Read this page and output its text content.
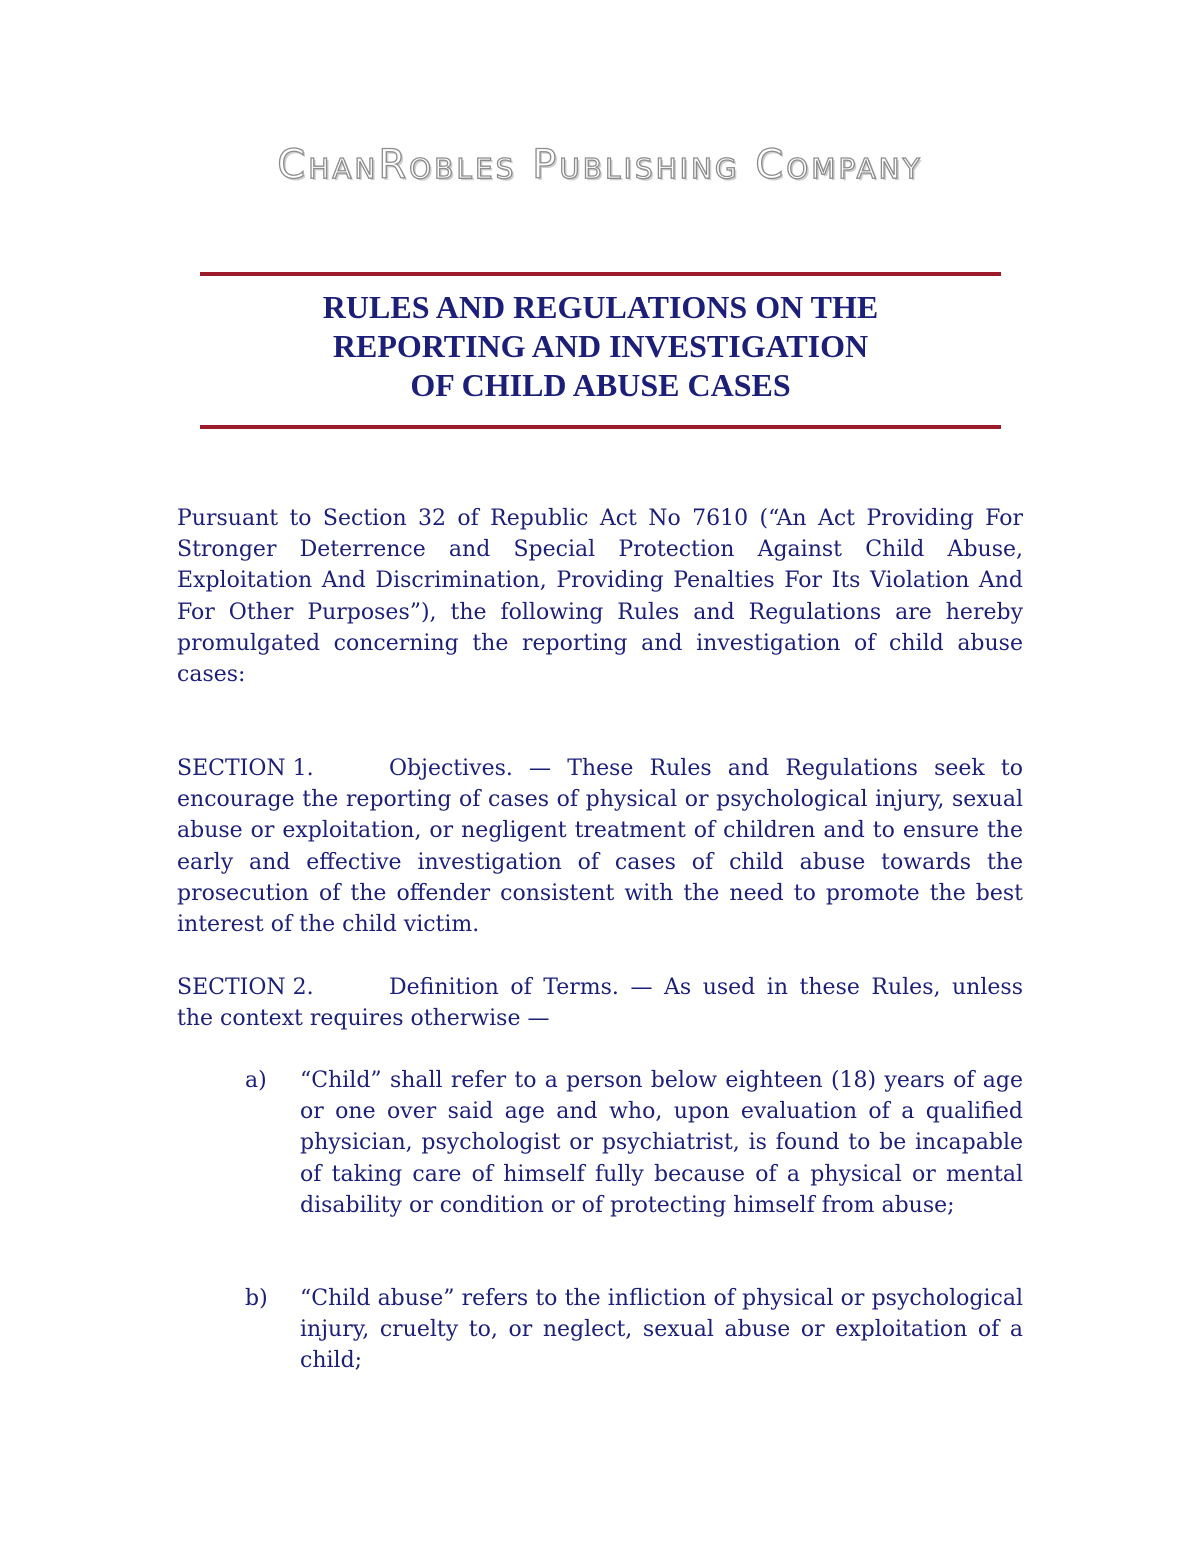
ChanRobles Publishing Company
RULES AND REGULATIONS ON THE
REPORTING AND INVESTIGATION
OF CHILD ABUSE CASES

Pursuant to Section 32 of Republic Act No 7610 (“An Act Providing For Stronger Deterrence and Special Protection Against Child Abuse, Exploitation And Discrimination, Providing Penalties For Its Violation And For Other Purposes”), the following Rules and Regulations are hereby promulgated concerning the reporting and investigation of child abuse cases:

SECTION 1.	Objectives. — These Rules and Regulations seek to encourage the reporting of cases of physical or psychological injury, sexual abuse or exploitation, or negligent treatment of children and to ensure the early and effective investigation of cases of child abuse towards the prosecution of the offender consistent with the need to promote the best interest of the child victim.

SECTION 2.	Definition of Terms. — As used in these Rules, unless the context requires otherwise —

a) “Child” shall refer to a person below eighteen (18) years of age or one over said age and who, upon evaluation of a qualified physician, psychologist or psychiatrist, is found to be incapable of taking care of himself fully because of a physical or mental disability or condition or of protecting himself from abuse;
b) “Child abuse” refers to the infliction of physical or psychological injury, cruelty to, or neglect, sexual abuse or exploitation of a child;
